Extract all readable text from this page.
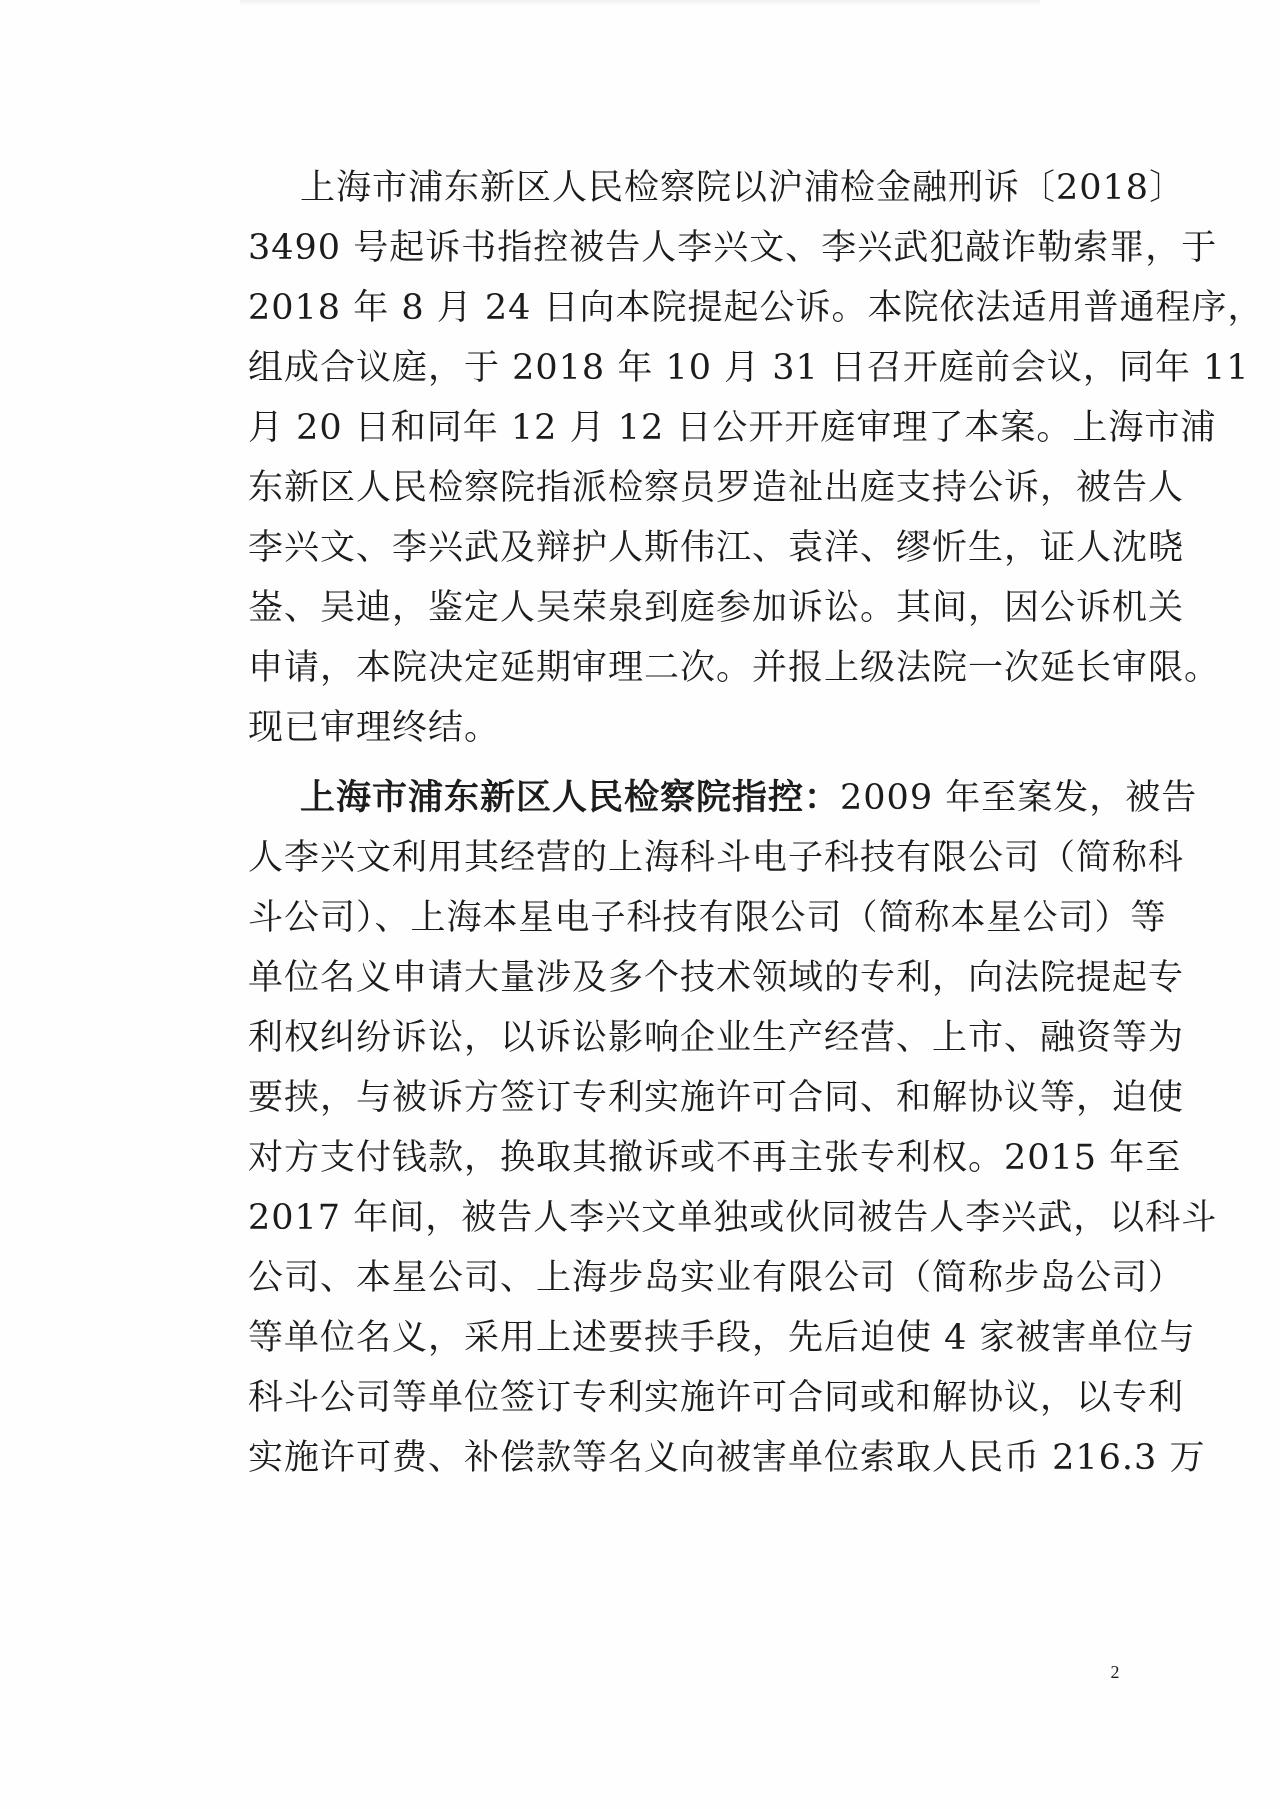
上海市浦东新区人民检察院以沪浦检金融刑诉〔2018〕
3490 号起诉书指控被告人李兴文、李兴武犯敲诈勒索罪，于
2018 年 8 月 24 日向本院提起公诉。本院依法适用普通程序，
组成合议庭，于 2018 年 10 月 31 日召开庭前会议，同年 11
月 20 日和同年 12 月 12 日公开开庭审理了本案。上海市浦
东新区人民检察院指派检察员罗造祉出庭支持公诉，被告人
李兴文、李兴武及辩护人斯伟江、袁洋、缪忻生，证人沈晓
崟、吴迪，鉴定人吴荣泉到庭参加诉讼。其间，因公诉机关
申请，本院决定延期审理二次。并报上级法院一次延长审限。
现已审理终结。
上海市浦东新区人民检察院指控：2009 年至案发，被告
人李兴文利用其经营的上海科斗电子科技有限公司（简称科
斗公司）、上海本星电子科技有限公司（简称本星公司）等
单位名义申请大量涉及多个技术领域的专利，向法院提起专
利权纠纷诉讼，以诉讼影响企业生产经营、上市、融资等为
要挟，与被诉方签订专利实施许可合同、和解协议等，迫使
对方支付钱款，换取其撤诉或不再主张专利权。2015 年至
2017 年间，被告人李兴文单独或伙同被告人李兴武，以科斗
公司、本星公司、上海步岛实业有限公司（简称步岛公司）
等单位名义，采用上述要挟手段，先后迫使 4 家被害单位与
科斗公司等单位签订专利实施许可合同或和解协议，以专利
实施许可费、补偿款等名义向被害单位索取人民币 216.3 万
2
